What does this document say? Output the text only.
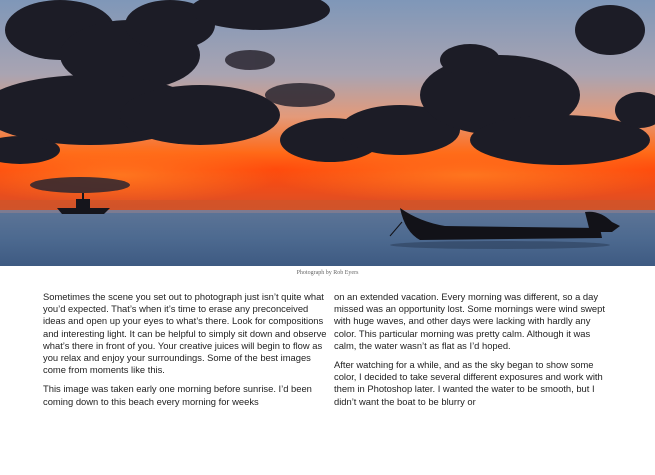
Photograph by Rob Eyers

Sometimes the scene you set out to photograph just isn’t quite what you’d expected. That’s when it’s time to erase any preconceived ideas and open up your eyes to what’s there. Look for compositions and interesting light. It can be helpful to simply sit down and observe what’s there in front of you. Your creative juices will begin to flow as you relax and enjoy your surroundings. Some of the best images come from moments like this.

This image was taken early one morning before sunrise. I’d been coming down to this beach every morning for weeks

on an extended vacation. Every morning was different, so a day missed was an opportunity lost. Some mornings were wind swept with huge waves, and other days were lacking with hardly any color. This particular morning was pretty calm. Although it was calm, the water wasn’t as flat as I’d hoped.

After watching for a while, and as the sky began to show some color, I decided to take several different exposures and work with them in Photoshop later. I wanted the water to be smooth, but I didn’t want the boat to be blurry or
